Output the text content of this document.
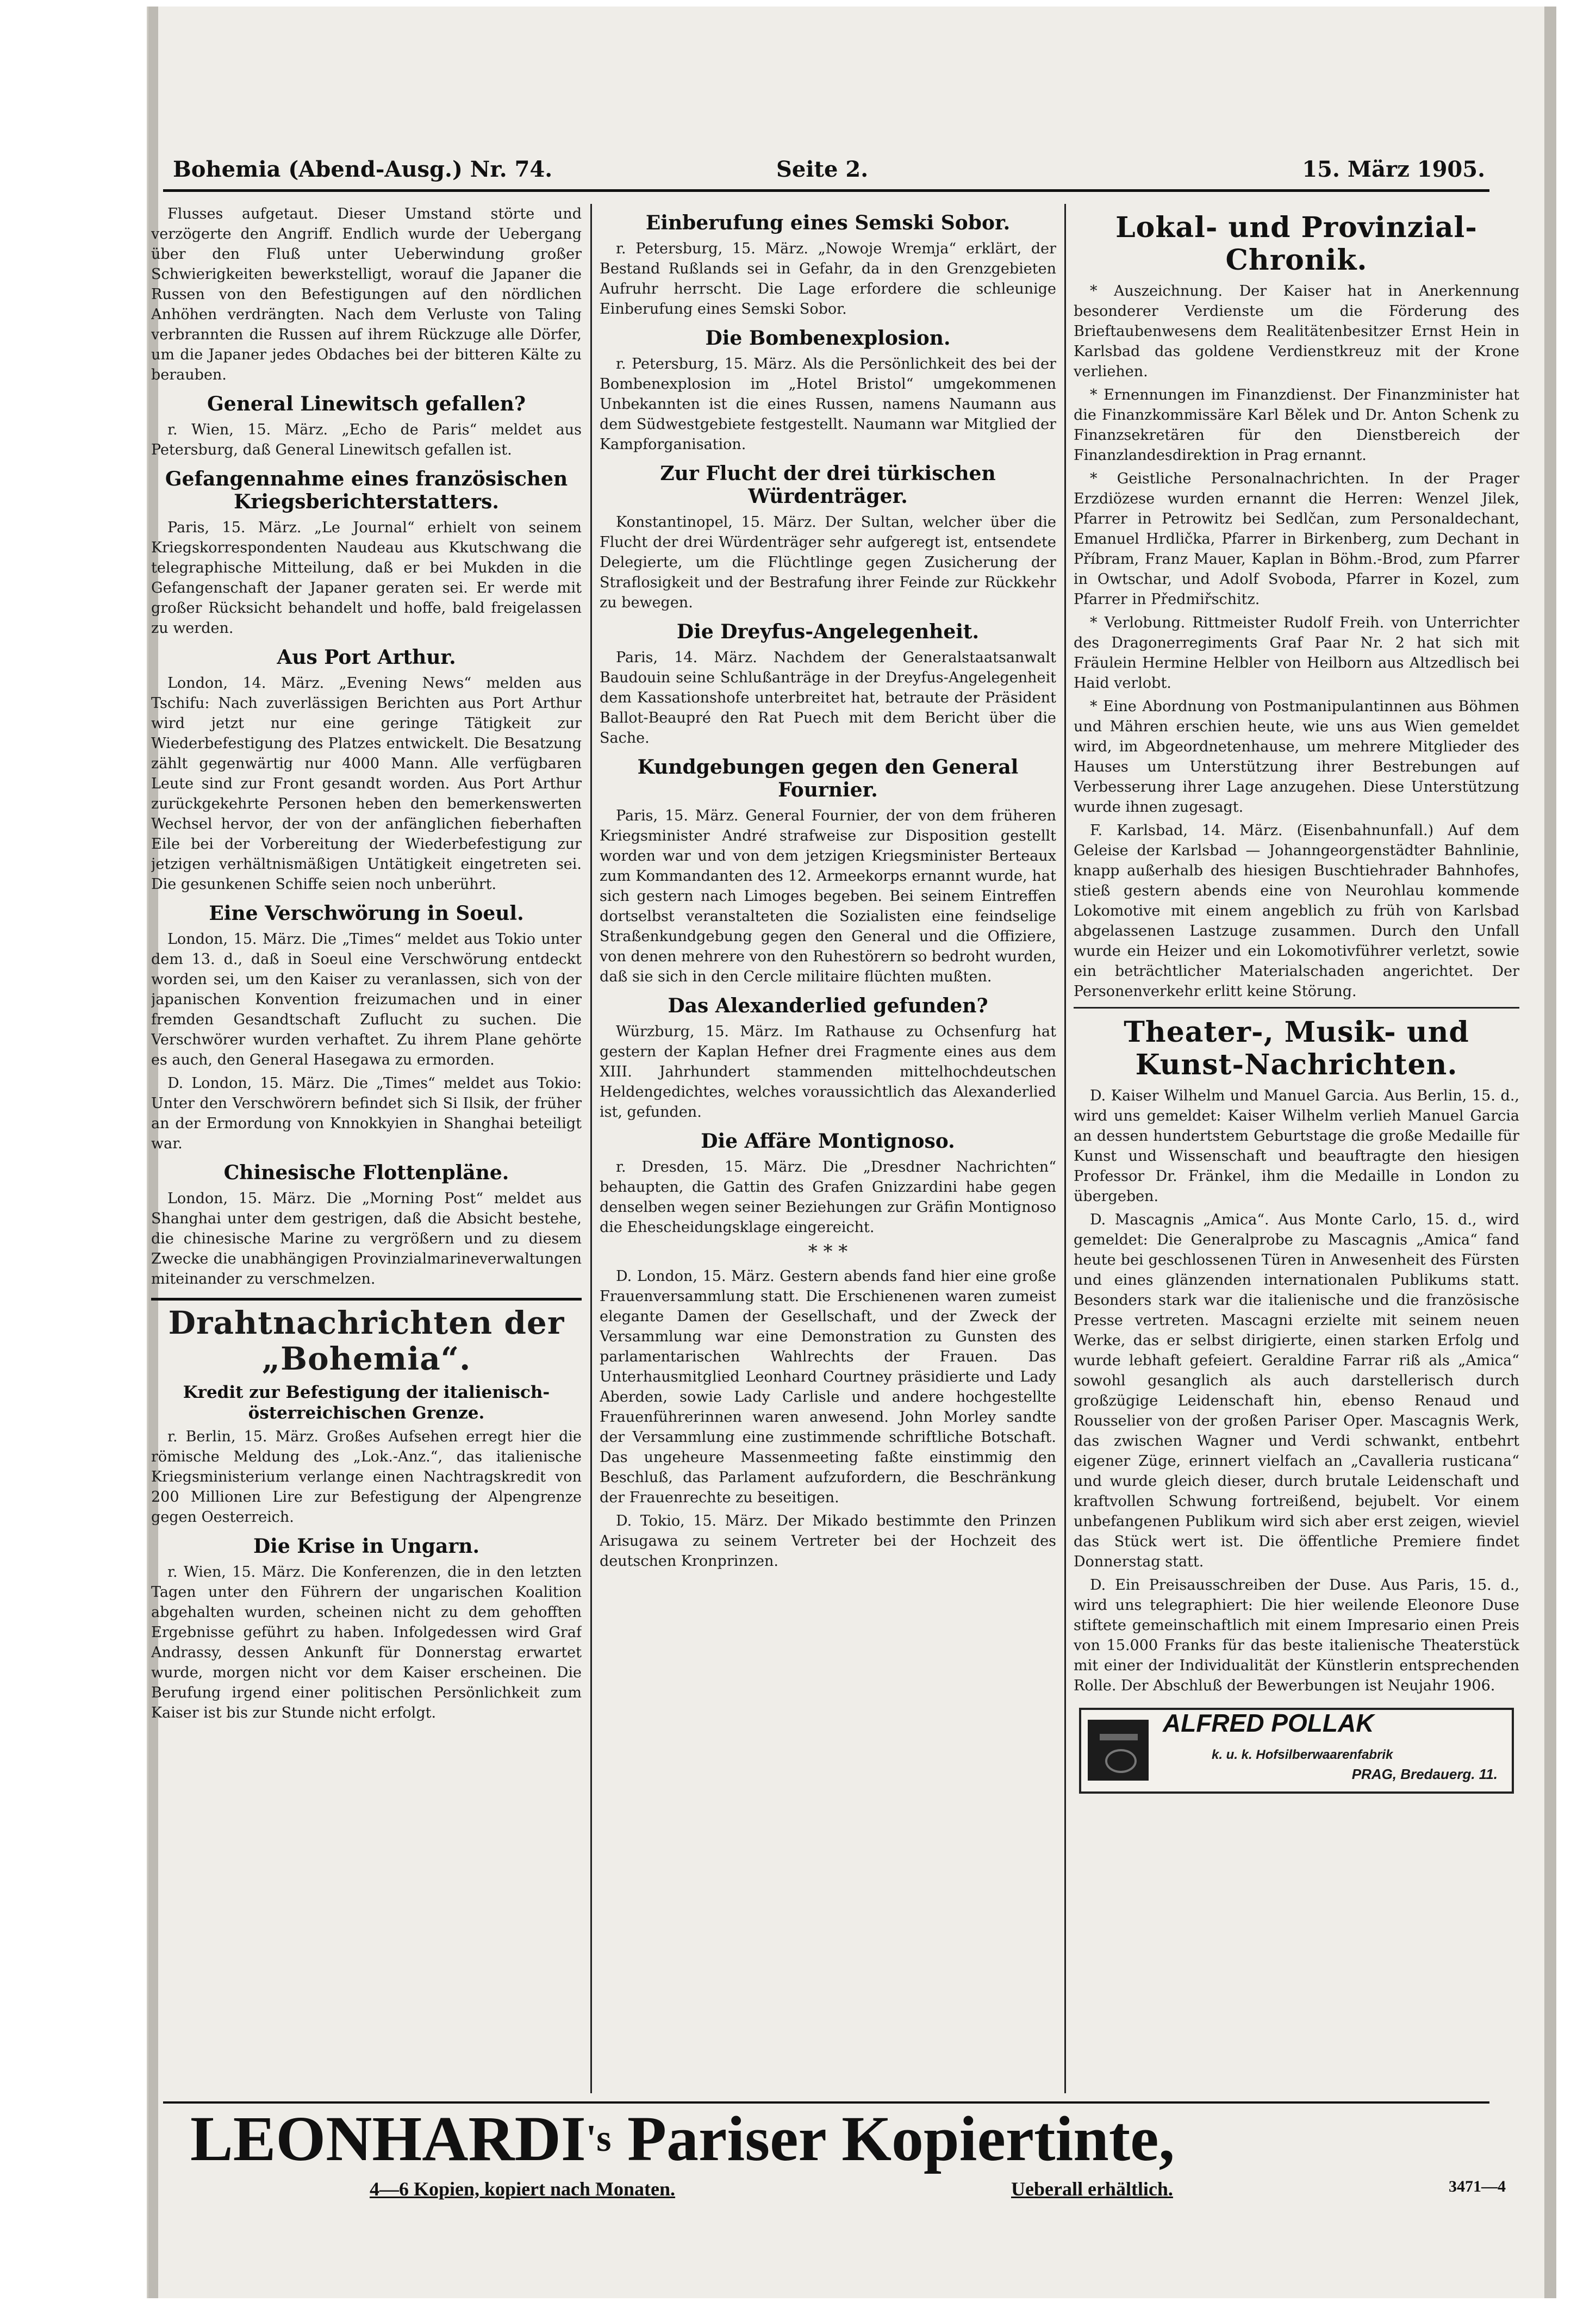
Bohemia (Abend-Ausg.) Nr. 74.	Seite 2.	15. März 1905.

Flusses aufgetaut. Dieser Umstand störte und verzögerte den Angriff. Endlich wurde der Uebergang über den Fluß unter Ueberwindung großer Schwierigkeiten bewerkstelligt, worauf die Japaner die Russen von den Befestigungen auf den nördlichen Anhöhen verdrängten. Nach dem Verluste von Taling verbrannten die Russen auf ihrem Rückzuge alle Dörfer, um die Japaner jedes Obdaches bei der bitteren Kälte zu berauben.

General Linewitsch gefallen?

r. Wien, 15. März. „Echo de Paris“ meldet aus Petersburg, daß General Linewitsch gefallen ist.

Gefangennahme eines französischen Kriegsberichterstatters.

Paris, 15. März. „Le Journal“ erhielt von seinem Kriegskorrespondenten Naudeau aus Kkutschwang die telegraphische Mitteilung, daß er bei Mukden in die Gefangenschaft der Japaner geraten sei. Er werde mit großer Rücksicht behandelt und hoffe, bald freigelassen zu werden.

Aus Port Arthur.

London, 14. März. „Evening News“ melden aus Tschifu: Nach zuverlässigen Berichten aus Port Arthur wird jetzt nur eine geringe Tätigkeit zur Wiederbefestigung des Platzes entwickelt. Die Besatzung zählt gegenwärtig nur 4000 Mann. Alle verfügbaren Leute sind zur Front gesandt worden. Aus Port Arthur zurückgekehrte Personen heben den bemerkenswerten Wechsel hervor, der von der anfänglichen fieberhaften Eile bei der Vorbereitung der Wiederbefestigung zur jetzigen verhältnismäßigen Untätigkeit eingetreten sei. Die gesunkenen Schiffe seien noch unberührt.

Eine Verschwörung in Soeul.

London, 15. März. Die „Times“ meldet aus Tokio unter dem 13. d., daß in Soeul eine Verschwörung entdeckt worden sei, um den Kaiser zu veranlassen, sich von der japanischen Konvention freizumachen und in einer fremden Gesandtschaft Zuflucht zu suchen. Die Verschwörer wurden verhaftet. Zu ihrem Plane gehörte es auch, den General Hasegawa zu ermorden.

D. London, 15. März. Die „Times“ meldet aus Tokio: Unter den Verschwörern befindet sich Si Ilsik, der früher an der Ermordung von Knnokkyien in Shanghai beteiligt war.

Chinesische Flottenpläne.

London, 15. März. Die „Morning Post“ meldet aus Shanghai unter dem gestrigen, daß die Absicht bestehe, die chinesische Marine zu vergrößern und zu diesem Zwecke die unabhängigen Provinzialmarineverwaltungen miteinander zu verschmelzen.

Drahtnachrichten der „Bohemia“.
Kredit zur Befestigung der italienisch-österreichischen Grenze.

r. Berlin, 15. März. Großes Aufsehen erregt hier die römische Meldung des „Lok.-Anz.“, das italienische Kriegsministerium verlange einen Nachtragskredit von 200 Millionen Lire zur Befestigung der Alpengrenze gegen Oesterreich.

Die Krise in Ungarn.

r. Wien, 15. März. Die Konferenzen, die in den letzten Tagen unter den Führern der ungarischen Koalition abgehalten wurden, scheinen nicht zu dem gehofften Ergebnisse geführt zu haben. Infolgedessen wird Graf Andrassy, dessen Ankunft für Donnerstag erwartet wurde, morgen nicht vor dem Kaiser erscheinen. Die Berufung irgend einer politischen Persönlichkeit zum Kaiser ist bis zur Stunde nicht erfolgt.

Einberufung eines Semski Sobor.

r. Petersburg, 15. März. „Nowoje Wremja“ erklärt, der Bestand Rußlands sei in Gefahr, da in den Grenzgebieten Aufruhr herrscht. Die Lage erfordere die schleunige Einberufung eines Semski Sobor.

Die Bombenexplosion.

r. Petersburg, 15. März. Als die Persönlichkeit des bei der Bombenexplosion im „Hotel Bristol“ umgekommenen Unbekannten ist die eines Russen, namens Naumann aus dem Südwestgebiete festgestellt. Naumann war Mitglied der Kampforganisation.

Zur Flucht der drei türkischen Würdenträger.

Konstantinopel, 15. März. Der Sultan, welcher über die Flucht der drei Würdenträger sehr aufgeregt ist, entsendete Delegierte, um die Flüchtlinge gegen Zusicherung der Straflosigkeit und der Bestrafung ihrer Feinde zur Rückkehr zu bewegen.

Die Dreyfus-Angelegenheit.

Paris, 14. März. Nachdem der Generalstaatsanwalt Baudouin seine Schlußanträge in der Dreyfus-Angelegenheit dem Kassationshofe unterbreitet hat, betraute der Präsident Ballot-Beaupré den Rat Puech mit dem Bericht über die Sache.

Kundgebungen gegen den General Fournier.

Paris, 15. März. General Fournier, der von dem früheren Kriegsminister André strafweise zur Disposition gestellt worden war und von dem jetzigen Kriegsminister Berteaux zum Kommandanten des 12. Armeekorps ernannt wurde, hat sich gestern nach Limoges begeben. Bei seinem Eintreffen dortselbst veranstalteten die Sozialisten eine feindselige Straßenkundgebung gegen den General und die Offiziere, von denen mehrere von den Ruhestörern so bedroht wurden, daß sie sich in den Cercle militaire flüchten mußten.

Das Alexanderlied gefunden?

Würzburg, 15. März. Im Rathause zu Ochsenfurg hat gestern der Kaplan Hefner drei Fragmente eines aus dem XIII. Jahrhundert stammenden mittelhochdeutschen Heldengedichtes, welches voraussichtlich das Alexanderlied ist, gefunden.

Die Affäre Montignoso.

r. Dresden, 15. März. Die „Dresdner Nachrichten“ behaupten, die Gattin des Grafen Gnizzardini habe gegen denselben wegen seiner Beziehungen zur Gräfin Montignoso die Ehescheidungsklage eingereicht.

* * *

D. London, 15. März. Gestern abends fand hier eine große Frauenversammlung statt. Die Erschienenen waren zumeist elegante Damen der Gesellschaft, und der Zweck der Versammlung war eine Demonstration zu Gunsten des parlamentarischen Wahlrechts der Frauen. Das Unterhausmitglied Leonhard Courtney präsidierte und Lady Aberden, sowie Lady Carlisle und andere hochgestellte Frauenführerinnen waren anwesend. John Morley sandte der Versammlung eine zustimmende schriftliche Botschaft. Das ungeheure Massenmeeting faßte einstimmig den Beschluß, das Parlament aufzufordern, die Beschränkung der Frauenrechte zu beseitigen.

D. Tokio, 15. März. Der Mikado bestimmte den Prinzen Arisugawa zu seinem Vertreter bei der Hochzeit des deutschen Kronprinzen.

Lokal- und Provinzial-Chronik.

* Auszeichnung. Der Kaiser hat in Anerkennung besonderer Verdienste um die Förderung des Brieftaubenwesens dem Realitätenbesitzer Ernst Hein in Karlsbad das goldene Verdienstkreuz mit der Krone verliehen.

* Ernennungen im Finanzdienst. Der Finanzminister hat die Finanzkommissäre Karl Bělek und Dr. Anton Schenk zu Finanzsekretären für den Dienstbereich der Finanzlandesdirektion in Prag ernannt.

* Geistliche Personalnachrichten. In der Prager Erzdiözese wurden ernannt die Herren: Wenzel Jilek, Pfarrer in Petrowitz bei Sedlčan, zum Personaldechant, Emanuel Hrdlička, Pfarrer in Birkenberg, zum Dechant in Příbram, Franz Mauer, Kaplan in Böhm.-Brod, zum Pfarrer in Owtschar, und Adolf Svoboda, Pfarrer in Kozel, zum Pfarrer in Předmiřschitz.

* Verlobung. Rittmeister Rudolf Freih. von Unterrichter des Dragonerregiments Graf Paar Nr. 2 hat sich mit Fräulein Hermine Helbler von Heilborn aus Altzedlisch bei Haid verlobt.

* Eine Abordnung von Postmanipulantinnen aus Böhmen und Mähren erschien heute, wie uns aus Wien gemeldet wird, im Abgeordnetenhause, um mehrere Mitglieder des Hauses um Unterstützung ihrer Bestrebungen auf Verbesserung ihrer Lage anzugehen. Diese Unterstützung wurde ihnen zugesagt.

F. Karlsbad, 14. März. (Eisenbahnunfall.) Auf dem Geleise der Karlsbad — Johanngeorgenstädter Bahnlinie, knapp außerhalb des hiesigen Buschtiehrader Bahnhofes, stieß gestern abends eine von Neurohlau kommende Lokomotive mit einem angeblich zu früh von Karlsbad abgelassenen Lastzuge zusammen. Durch den Unfall wurde ein Heizer und ein Lokomotivführer verletzt, sowie ein beträchtlicher Materialschaden angerichtet. Der Personenverkehr erlitt keine Störung.

Theater-, Musik- und Kunst-Nachrichten.

D. Kaiser Wilhelm und Manuel Garcia. Aus Berlin, 15. d., wird uns gemeldet: Kaiser Wilhelm verlieh Manuel Garcia an dessen hundertstem Geburtstage die große Medaille für Kunst und Wissenschaft und beauftragte den hiesigen Professor Dr. Fränkel, ihm die Medaille in London zu übergeben.

D. Mascagnis „Amica“. Aus Monte Carlo, 15. d., wird gemeldet: Die Generalprobe zu Mascagnis „Amica“ fand heute bei geschlossenen Türen in Anwesenheit des Fürsten und eines glänzenden internationalen Publikums statt. Besonders stark war die italienische und die französische Presse vertreten. Mascagni erzielte mit seinem neuen Werke, das er selbst dirigierte, einen starken Erfolg und wurde lebhaft gefeiert. Geraldine Farrar riß als „Amica“ sowohl gesanglich als auch darstellerisch durch großzügige Leidenschaft hin, ebenso Renaud und Rousselier von der großen Pariser Oper. Mascagnis Werk, das zwischen Wagner und Verdi schwankt, entbehrt eigener Züge, erinnert vielfach an „Cavalleria rusticana“ und wurde gleich dieser, durch brutale Leidenschaft und kraftvollen Schwung fortreißend, bejubelt. Vor einem unbefangenen Publikum wird sich aber erst zeigen, wieviel das Stück wert ist. Die öffentliche Premiere findet Donnerstag statt.

D. Ein Preisausschreiben der Duse. Aus Paris, 15. d., wird uns telegraphiert: Die hier weilende Eleonore Duse stiftete gemeinschaftlich mit einem Impresario einen Preis von 15.000 Franks für das beste italienische Theaterstück mit einer der Individualität der Künstlerin entsprechenden Rolle. Der Abschluß der Bewerbungen ist Neujahr 1906.

ALFRED POLLAK
k. u. k. Hofsilberwaarenfabrik
PRAG, Bredauerg. 11.
$LEONHARDI^{'s}$ Pariser Kopiertinte,
4—6 Kopien, kopiert nach Monaten.	Ueberall erhältlich.	3471—4
